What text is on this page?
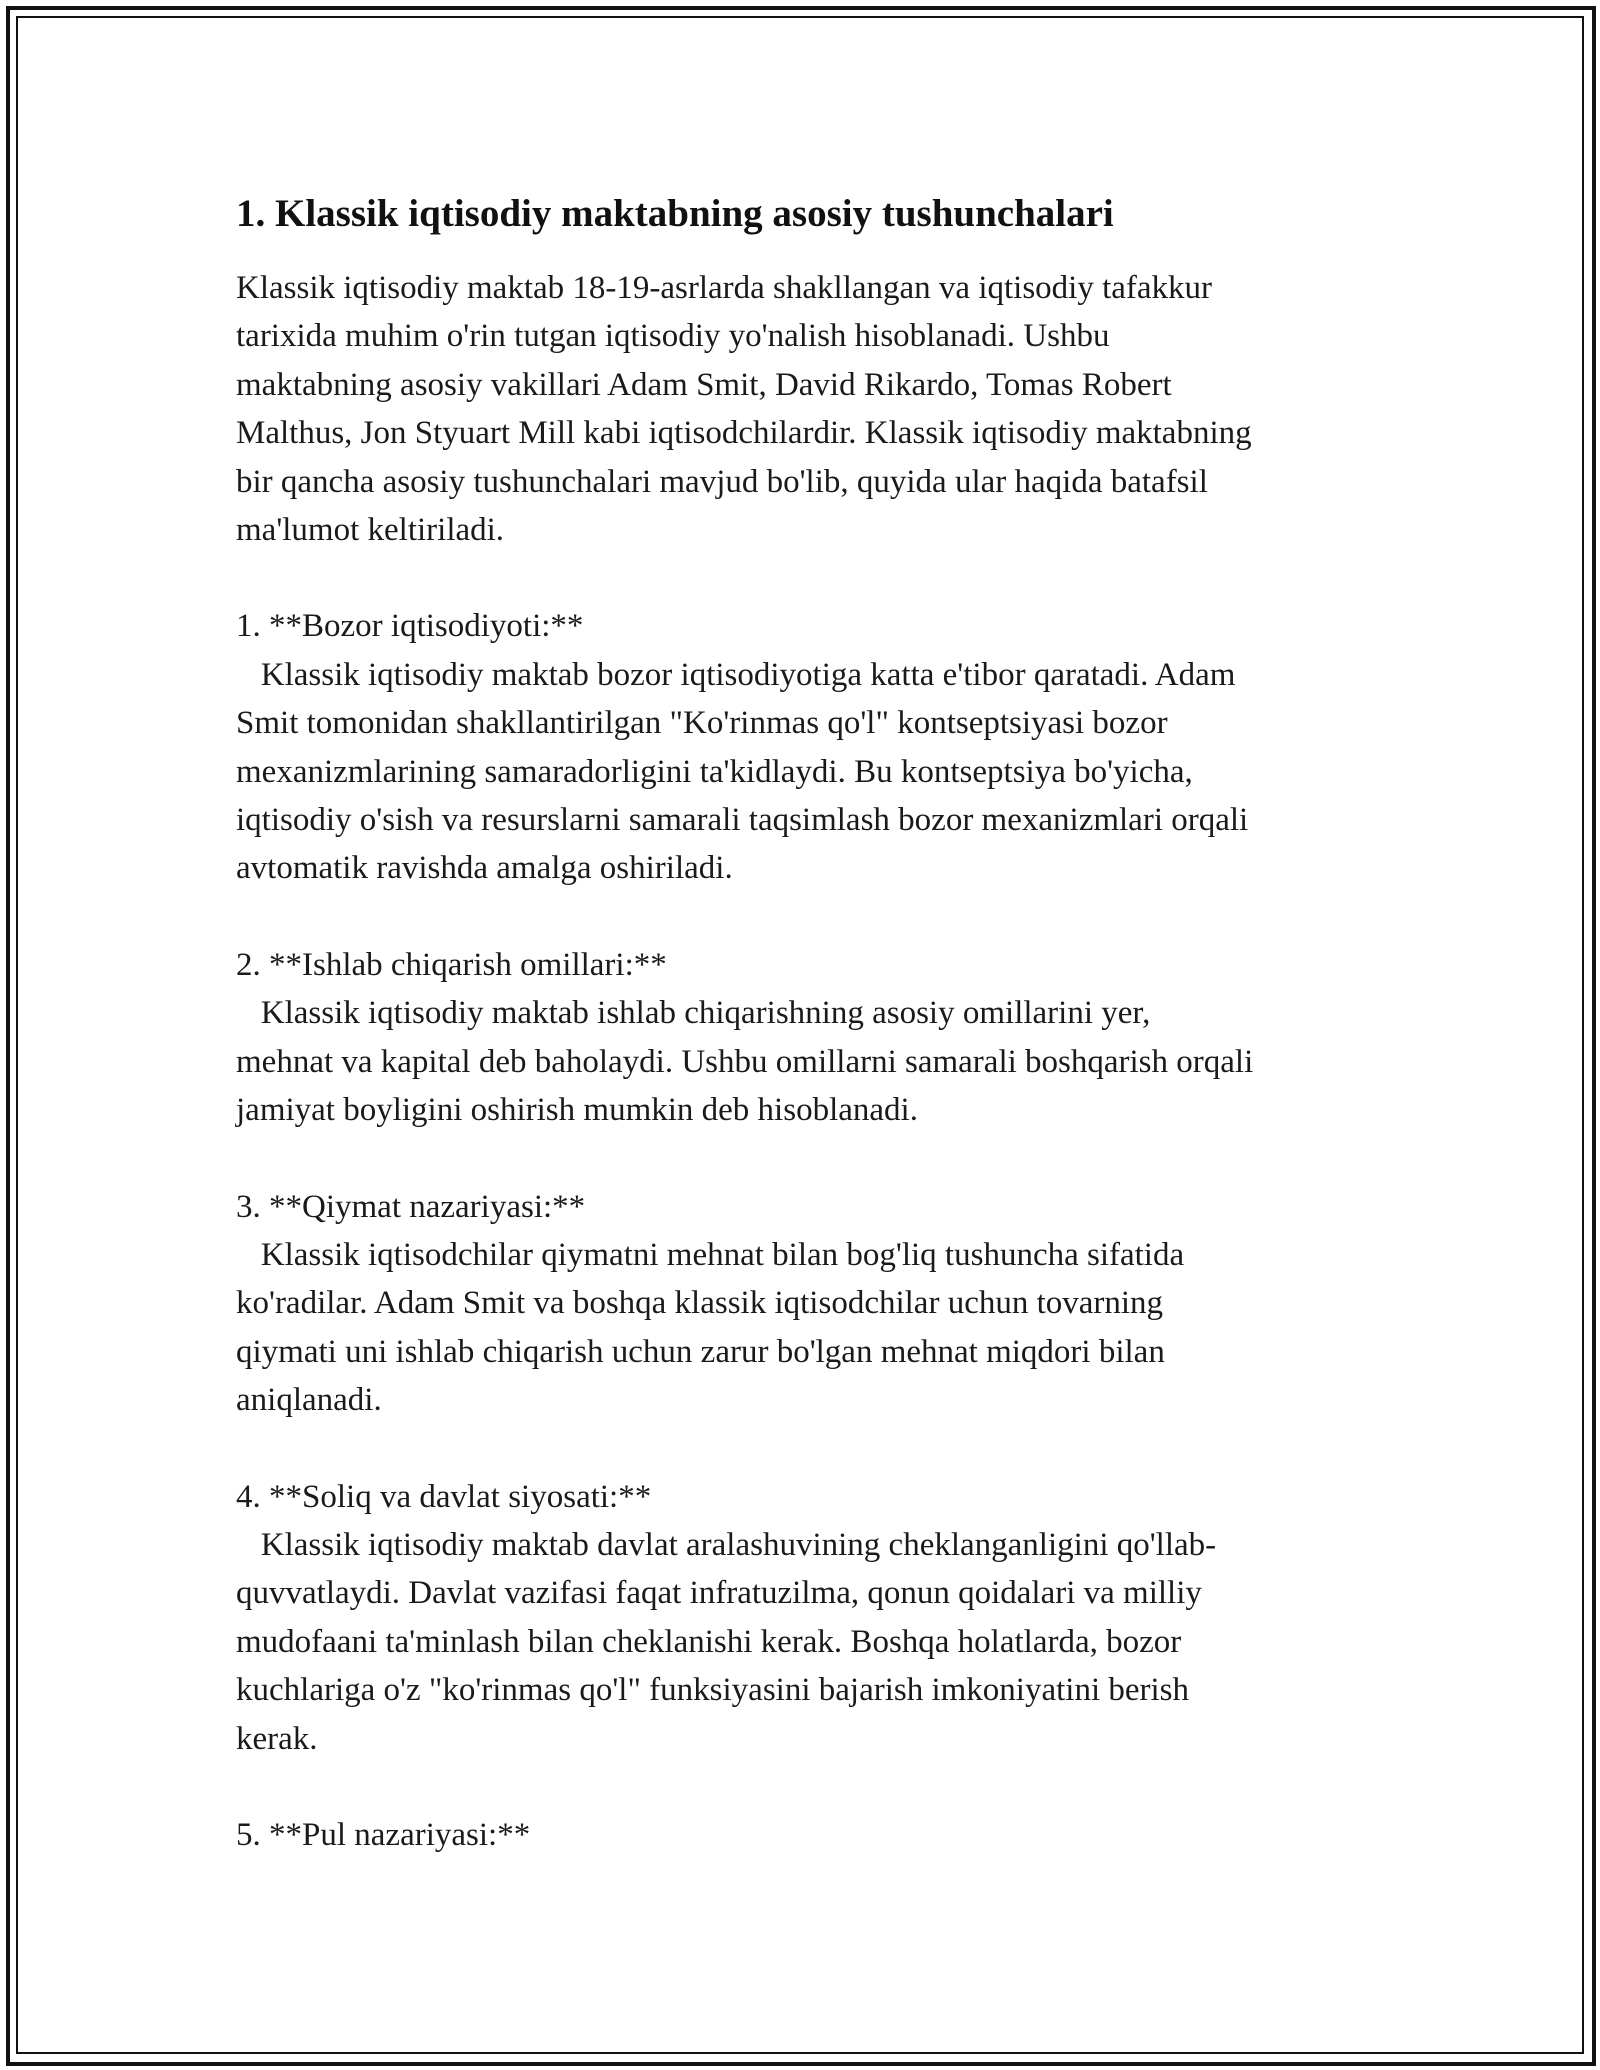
1. Klassik iqtisodiy maktabning asosiy tushunchalari

Klassik iqtisodiy maktab 18-19-asrlarda shakllangan va iqtisodiy tafakkur
tarixida muhim o'rin tutgan iqtisodiy yo'nalish hisoblanadi. Ushbu
maktabning asosiy vakillari Adam Smit, David Rikardo, Tomas Robert
Malthus, Jon Styuart Mill kabi iqtisodchilardir. Klassik iqtisodiy maktabning
bir qancha asosiy tushunchalari mavjud bo'lib, quyida ular haqida batafsil
ma'lumot keltiriladi.

1. **Bozor iqtisodiyoti:**

Klassik iqtisodiy maktab bozor iqtisodiyotiga katta e'tibor qaratadi. Adam
Smit tomonidan shakllantirilgan "Ko'rinmas qo'l" kontseptsiyasi bozor
mexanizmlarining samaradorligini ta'kidlaydi. Bu kontseptsiya bo'yicha,
iqtisodiy o'sish va resurslarni samarali taqsimlash bozor mexanizmlari orqali
avtomatik ravishda amalga oshiriladi.

2. **Ishlab chiqarish omillari:**

Klassik iqtisodiy maktab ishlab chiqarishning asosiy omillarini yer,
mehnat va kapital deb baholaydi. Ushbu omillarni samarali boshqarish orqali
jamiyat boyligini oshirish mumkin deb hisoblanadi.

3. **Qiymat nazariyasi:**

Klassik iqtisodchilar qiymatni mehnat bilan bog'liq tushuncha sifatida
ko'radilar. Adam Smit va boshqa klassik iqtisodchilar uchun tovarning
qiymati uni ishlab chiqarish uchun zarur bo'lgan mehnat miqdori bilan
aniqlanadi.

4. **Soliq va davlat siyosati:**

Klassik iqtisodiy maktab davlat aralashuvining cheklanganligini qo'llab-
quvvatlaydi. Davlat vazifasi faqat infratuzilma, qonun qoidalari va milliy
mudofaani ta'minlash bilan cheklanishi kerak. Boshqa holatlarda, bozor
kuchlariga o'z "ko'rinmas qo'l" funksiyasini bajarish imkoniyatini berish
kerak.

5. **Pul nazariyasi:**
